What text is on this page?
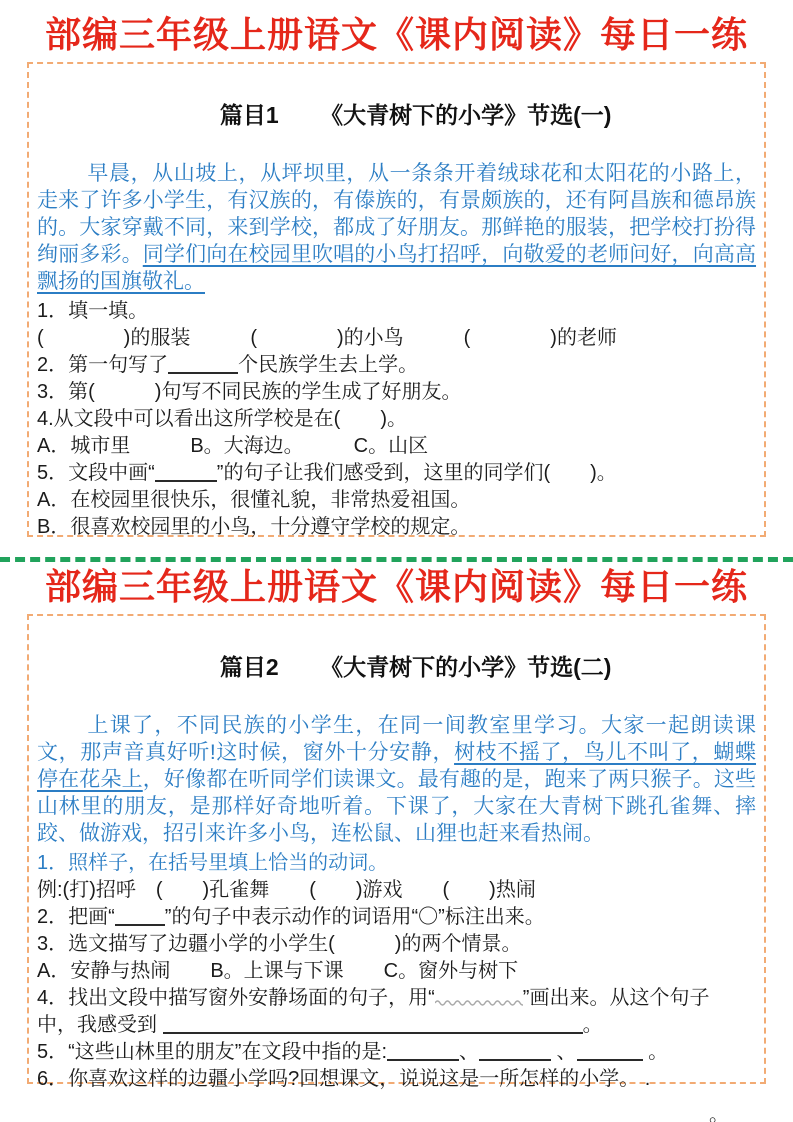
部编三年级上册语文《课内阅读》每日一练

篇目1 《大青树下的小学》节选(一)

早晨，从山坡上，从坪坝里，从一条条开着绒球花和太阳花的小路上，走来了许多小学生，有汉族的，有傣族的，有景颇族的，还有阿昌族和德昂族的。大家穿戴不同，来到学校，都成了好朋友。那鲜艳的服装，把学校打扮得绚丽多彩。同学们向在校园里吹唱的小鸟打招呼，向敬爱的老师问好，向高高飘扬的国旗敬礼。
1．填一填。
(　　　　)的服装　　　(　　　　)的小鸟　　　(　　　　)的老师
2．第一句写了	个民族学生去上学。
3．第(　　　)句写不同民族的学生成了好朋友。
4.从文段中可以看出这所学校是在(　　)。
A．城市里　　　B。大海边。　　　C。山区
5．文段中画“	”的句子让我们感受到，这里的同学们(　　)。
A．在校园里很快乐，很懂礼貌，非常热爱祖国。
B．很喜欢校园里的小鸟，十分遵守学校的规定。
部编三年级上册语文《课内阅读》每日一练

篇目2 《大青树下的小学》节选(二)

上课了，不同民族的小学生，在同一间教室里学习。大家一起朗读课文，那声音真好听!这时候，窗外十分安静，树枝不摇了，鸟儿不叫了，蝴蝶停在花朵上，好像都在听同学们读课文。最有趣的是，跑来了两只猴子。这些山林里的朋友，是那样好奇地听着。下课了，大家在大青树下跳孔雀舞、摔跤、做游戏，招引来许多小鸟，连松鼠、山狸也赶来看热闹。
1．照样子，在括号里填上恰当的动词。
例:(打)招呼　(　　)孔雀舞　　(　　)游戏　　(　　)热闹
2．把画“	”的句子中表示动作的词语用“〇”标注出来。
3．选文描写了边疆小学的小学生(　　　)的两个情景。
A．安静与热闹　　B。上课与下课　　C。窗外与树下
4．找出文段中描写窗外安静场面的句子，用“	”画出来。从这个句子
中，我感受到	。
5．“这些山林里的朋友”在文段中指的是:	、	、	。
6．你喜欢这样的边疆小学吗?回想课文，说说这是一所怎样的小学。 .
。
